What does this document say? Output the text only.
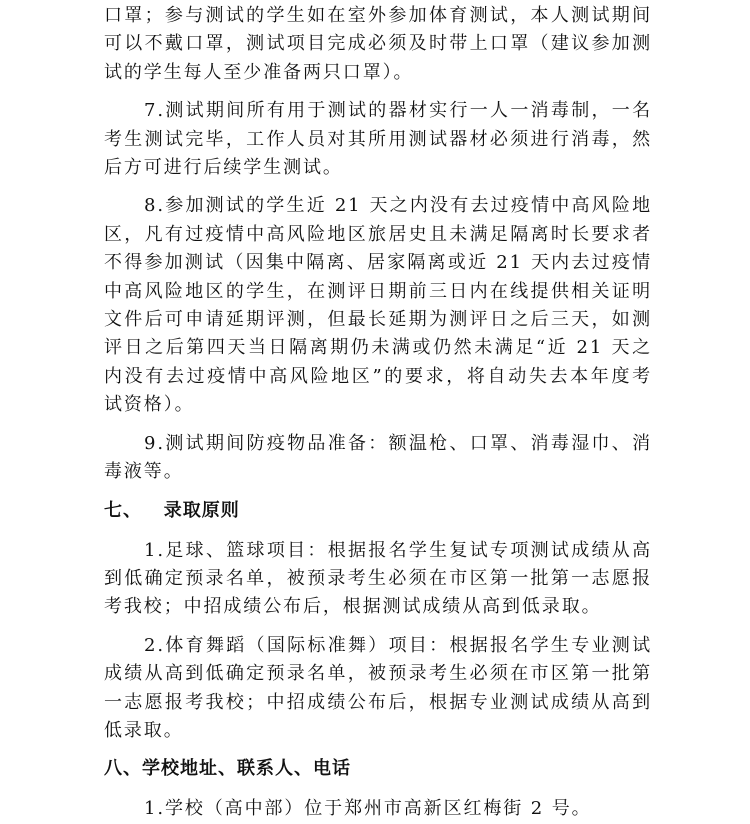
口罩；参与测试的学生如在室外参加体育测试，本人测试期间可以不戴口罩，测试项目完成必须及时带上口罩（建议参加测试的学生每人至少准备两只口罩）。

7.测试期间所有用于测试的器材实行一人一消毒制，一名考生测试完毕，工作人员对其所用测试器材必须进行消毒，然后方可进行后续学生测试。

8.参加测试的学生近 21 天之内没有去过疫情中高风险地区，凡有过疫情中高风险地区旅居史且未满足隔离时长要求者不得参加测试（因集中隔离、居家隔离或近 21 天内去过疫情中高风险地区的学生，在测评日期前三日内在线提供相关证明文件后可申请延期评测，但最长延期为测评日之后三天，如测评日之后第四天当日隔离期仍未满或仍然未满足“近 21 天之内没有去过疫情中高风险地区”的要求，将自动失去本年度考试资格）。

9.测试期间防疫物品准备：额温枪、口罩、消毒湿巾、消毒液等。

七、   录取原则

1.足球、篮球项目：根据报名学生复试专项测试成绩从高到低确定预录名单，被预录考生必须在市区第一批第一志愿报考我校；中招成绩公布后，根据测试成绩从高到低录取。

2.体育舞蹈（国际标准舞）项目：根据报名学生专业测试成绩从高到低确定预录名单，被预录考生必须在市区第一批第一志愿报考我校；中招成绩公布后，根据专业测试成绩从高到低录取。

八、学校地址、联系人、电话

1.学校（高中部）位于郑州市高新区红梅街 2 号。
